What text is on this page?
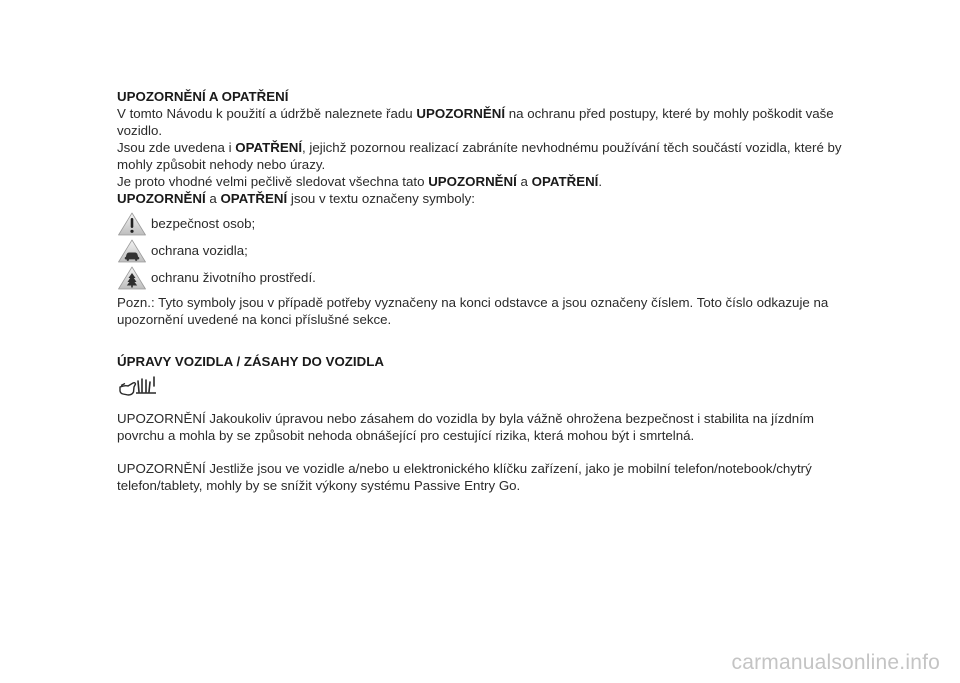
UPOZORNĚNÍ A OPATŘENÍ

V tomto Návodu k použití a údržbě naleznete řadu UPOZORNĚNÍ na ochranu před postupy, které by mohly poškodit vaše vozidlo.

Jsou zde uvedena i OPATŘENÍ, jejichž pozornou realizací zabráníte nevhodnému používání těch součástí vozidla, které by mohly způsobit nehody nebo úrazy.

Je proto vhodné velmi pečlivě sledovat všechna tato UPOZORNĚNÍ a OPATŘENÍ.

UPOZORNĚNÍ a OPATŘENÍ jsou v textu označeny symboly:

bezpečnost osob;
ochrana vozidla;
ochranu životního prostředí.

Pozn.: Tyto symboly jsou v případě potřeby vyznačeny na konci odstavce a jsou označeny číslem. Toto číslo odkazuje na upozornění uvedené na konci příslušné sekce.

ÚPRAVY VOZIDLA / ZÁSAHY DO VOZIDLA

UPOZORNĚNÍ Jakoukoliv úpravou nebo zásahem do vozidla by byla vážně ohrožena bezpečnost i stabilita na jízdním povrchu a mohla by se způsobit nehoda obnášející pro cestující rizika, která mohou být i smrtelná.

UPOZORNĚNÍ Jestliže jsou ve vozidle a/nebo u elektronického klíčku zařízení, jako je mobilní telefon/notebook/chytrý telefon/tablety, mohly by se snížit výkony systému Passive Entry Go.

carmanualsonline.info
